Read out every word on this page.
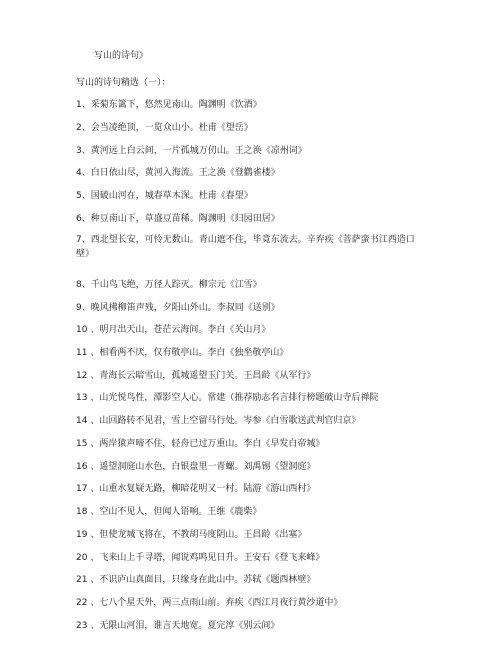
写山的诗句》
写山的诗句精选（一）：
1、采菊东篱下，悠然见南山。陶渊明《饮酒》
2、会当凌绝顶，一览众山小。杜甫《望岳》
3、黄河远上白云间，一片孤城万仞山。王之涣《凉州词》
4、白日依山尽，黄河入海流。王之涣《登鹳雀楼》
5、国破山河在，城春草木深。杜甫《春望》
6、种豆南山下，草盛豆苗稀。陶渊明《归园田居》
7、西北望长安，可怜无数山。青山遮不住，毕竟东流去。辛弃疾《菩萨蛮书江西造口壁》
8、千山鸟飞绝，万径人踪灭。柳宗元《江雪》
9、晚风拂柳笛声残，夕阳山外山。李叔同《送别》
10 、明月出天山，苍茫云海间。李白《关山月》
11 、相看两不厌，仅有敬亭山。李白《独坐敬亭山》
12 、青海长云暗雪山，孤城遥望玉门关。王昌龄《从军行》
13 、山光悦鸟性，潭影空人心。常建（推荐励志名言排行榜题破山寺后禅院
14 、山回路转不见君，雪上空留马行处。岑参《白雪歌送武判官归京》
15 、两岸猿声啼不住，轻舟已过万重山。李白《早发白帝城》
16 、遥望洞庭山水色，白银盘里一青螺。刘禹锡《望洞庭》
17 、山重水复疑无路，柳暗花明又一村。陆游《游山西村》
18 、空山不见人，但闻人语响。王维《鹿柴》
19 、但使龙城飞将在，不教胡马度阴山。王昌龄《出塞》
20 、飞来山上千寻塔，闻说鸡鸣见日升。王安石《登飞来峰》
21 、不识庐山真面目，只缘身在此山中。苏轼《题西林壁》
22 、七八个星天外，两三点雨山前。弃疾《西江月夜行黄沙道中》
23 、无限山河泪，谁言天地宽。夏完淳《别云间》
